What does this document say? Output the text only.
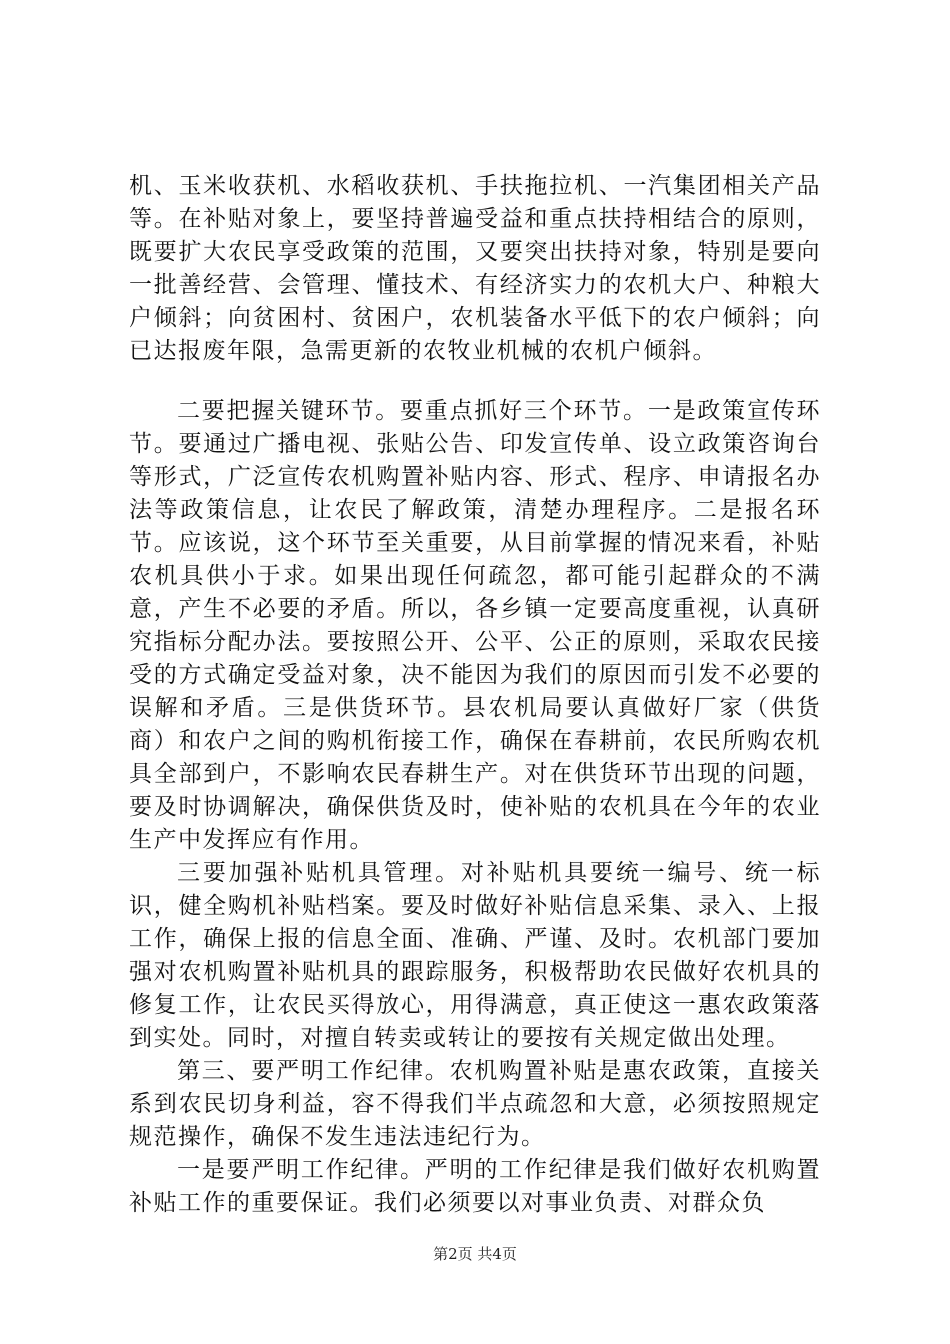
机、玉米收获机、水稻收获机、手扶拖拉机、一汽集团相关产品等。在补贴对象上，要坚持普遍受益和重点扶持相结合的原则，既要扩大农民享受政策的范围，又要突出扶持对象，特别是要向一批善经营、会管理、懂技术、有经济实力的农机大户、种粮大户倾斜；向贫困村、贫困户，农机装备水平低下的农户倾斜；向已达报废年限，急需更新的农牧业机械的农机户倾斜。

二要把握关键环节。要重点抓好三个环节。一是政策宣传环节。要通过广播电视、张贴公告、印发宣传单、设立政策咨询台等形式，广泛宣传农机购置补贴内容、形式、程序、申请报名办法等政策信息，让农民了解政策，清楚办理程序。二是报名环节。应该说，这个环节至关重要，从目前掌握的情况来看，补贴农机具供小于求。如果出现任何疏忽，都可能引起群众的不满意，产生不必要的矛盾。所以，各乡镇一定要高度重视，认真研究指标分配办法。要按照公开、公平、公正的原则，采取农民接受的方式确定受益对象，决不能因为我们的原因而引发不必要的误解和矛盾。三是供货环节。县农机局要认真做好厂家（供货商）和农户之间的购机衔接工作，确保在春耕前，农民所购农机具全部到户，不影响农民春耕生产。对在供货环节出现的问题，要及时协调解决，确保供货及时，使补贴的农机具在今年的农业生产中发挥应有作用。

三要加强补贴机具管理。对补贴机具要统一编号、统一标识，健全购机补贴档案。要及时做好补贴信息采集、录入、上报工作，确保上报的信息全面、准确、严谨、及时。农机部门要加强对农机购置补贴机具的跟踪服务，积极帮助农民做好农机具的修复工作，让农民买得放心，用得满意，真正使这一惠农政策落到实处。同时，对擅自转卖或转让的要按有关规定做出处理。

第三、要严明工作纪律。农机购置补贴是惠农政策，直接关系到农民切身利益，容不得我们半点疏忽和大意，必须按照规定规范操作，确保不发生违法违纪行为。

一是要严明工作纪律。严明的工作纪律是我们做好农机购置补贴工作的重要保证。我们必须要以对事业负责、对群众负

第2页 共4页
